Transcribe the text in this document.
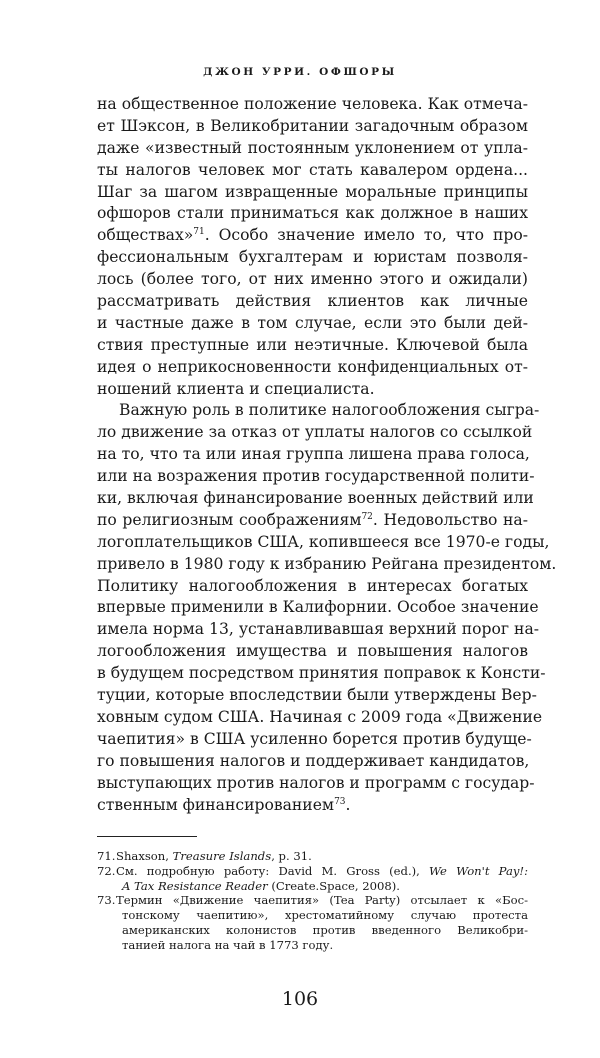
ДЖОН УРРИ. ОФШОРЫ
на общественное положение человека. Как отмеча-
ет Шэксон, в Великобритании загадочным образом
даже «известный постоянным уклонением от упла-
ты налогов человек мог стать кавалером ордена...
Шаг за шагом извращенные моральные принципы
офшоров стали приниматься как должное в наших
обществах»$^{71}$. Особо значение имело то, что про-
фессиональным бухгалтерам и юристам позволя-
лось (более того, от них именно этого и ожидали)
рассматривать действия клиентов как личные
и частные даже в том случае, если это были дей-
ствия преступные или неэтичные. Ключевой была
идея о неприкосновенности конфиденциальных от-
ношений клиента и специалиста.
Важную роль в политике налогообложения сыгра-
ло движение за отказ от уплаты налогов со ссылкой
на то, что та или иная группа лишена права голоса,
или на возражения против государственной полити-
ки, включая финансирование военных действий или
по религиозным соображениям$^{72}$. Недовольство на-
логоплательщиков США, копившееся все 1970-е годы,
привело в 1980 году к избранию Рейгана президентом.
Политику налогообложения в интересах богатых
впервые применили в Калифорнии. Особое значение
имела норма 13, устанавливавшая верхний порог на-
логообложения имущества и повышения налогов
в будущем посредством принятия поправок к Консти-
туции, которые впоследствии были утверждены Вер-
ховным судом США. Начиная с 2009 года «Движение
чаепития» в США усиленно борется против будуще-
го повышения налогов и поддерживает кандидатов,
выступающих против налогов и программ с государ-
ственным финансированием$^{73}$.
71.Shaxson, Treasure Islands, p. 31.
72.См. подробную работу: David M. Gross (ed.), We Won't Pay!:
A Tax Resistance Reader (Create.Space, 2008).
73.Термин «Движение чаепития» (Tea Party) отсылает к «Бос-
тонскому чаепитию», хрестоматийному случаю протеста
американских колонистов против введенного Великобри-
танией налога на чай в 1773 году.
106
